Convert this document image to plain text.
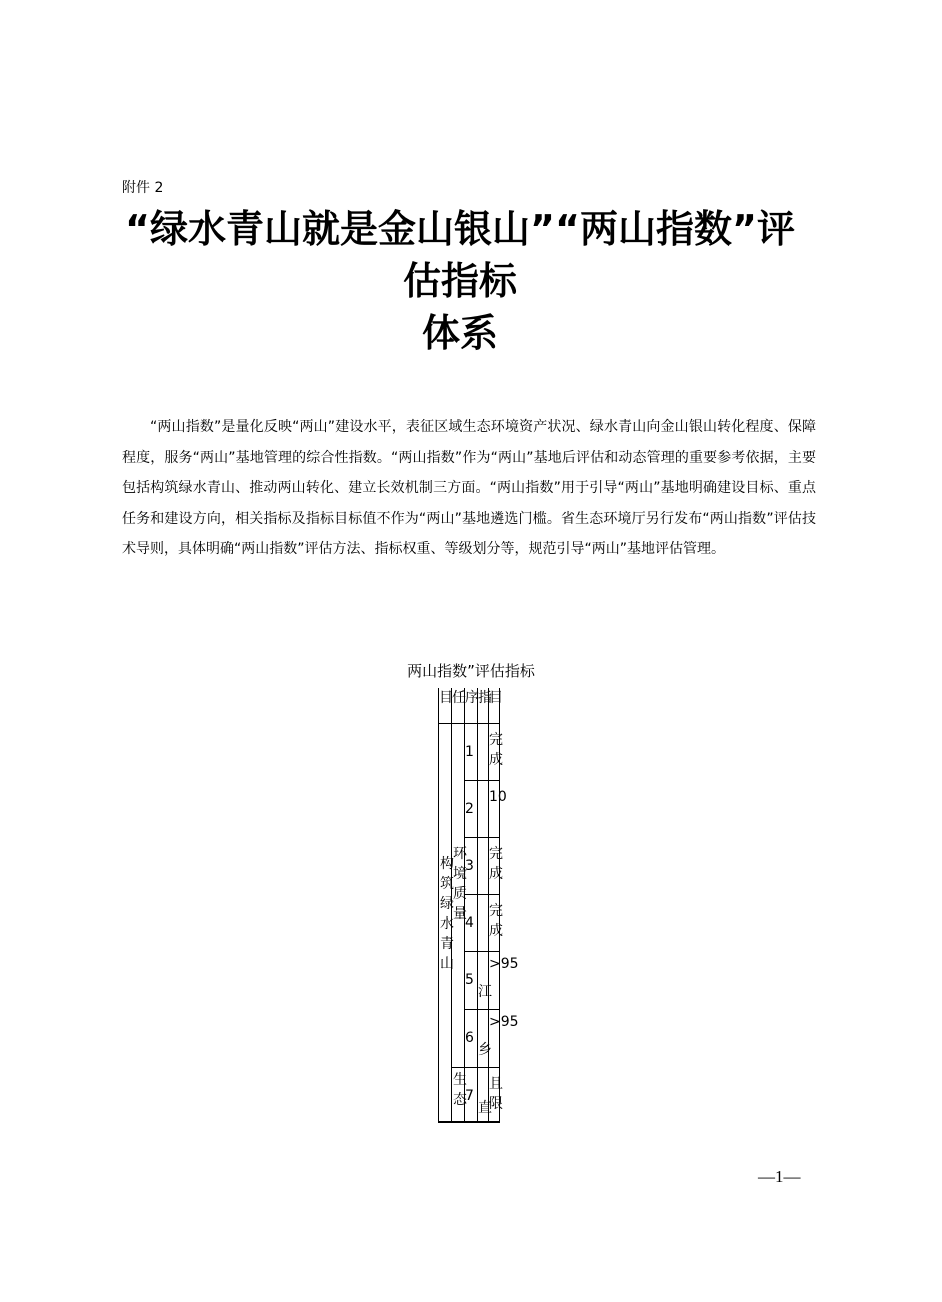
附件 2
“绿水青山就是金山银山”“两山指数”评
估指标
体系

“两山指数”是量化反映“两山”建设水平，表征区域生态环境资产状况、绿水青山向金山银山转化程度、保障程度，服务“两山”基地管理的综合性指数。“两山指数”作为“两山”基地后评估和动态管理的重要参考依据，主要包括构筑绿水青山、推动两山转化、建立长效机制三方面。“两山指数”用于引导“两山”基地明确建设目标、重点任务和建设方向，相关指标及指标目标值不作为“两山”基地遴选门槛。省生态环境厅另行发布“两山指数”评估技术导则，具体明确“两山指数”评估方法、指标权重、等级划分等，规范引导“两山”基地评估管理。

两山指数”评估指标
目 任 序 指
目
构筑绿水青山
环境质量
生态
1
完成
2
10
3
完成
4
完成
5
江
>95
6
乡
>95
7
直
且限
—1—
